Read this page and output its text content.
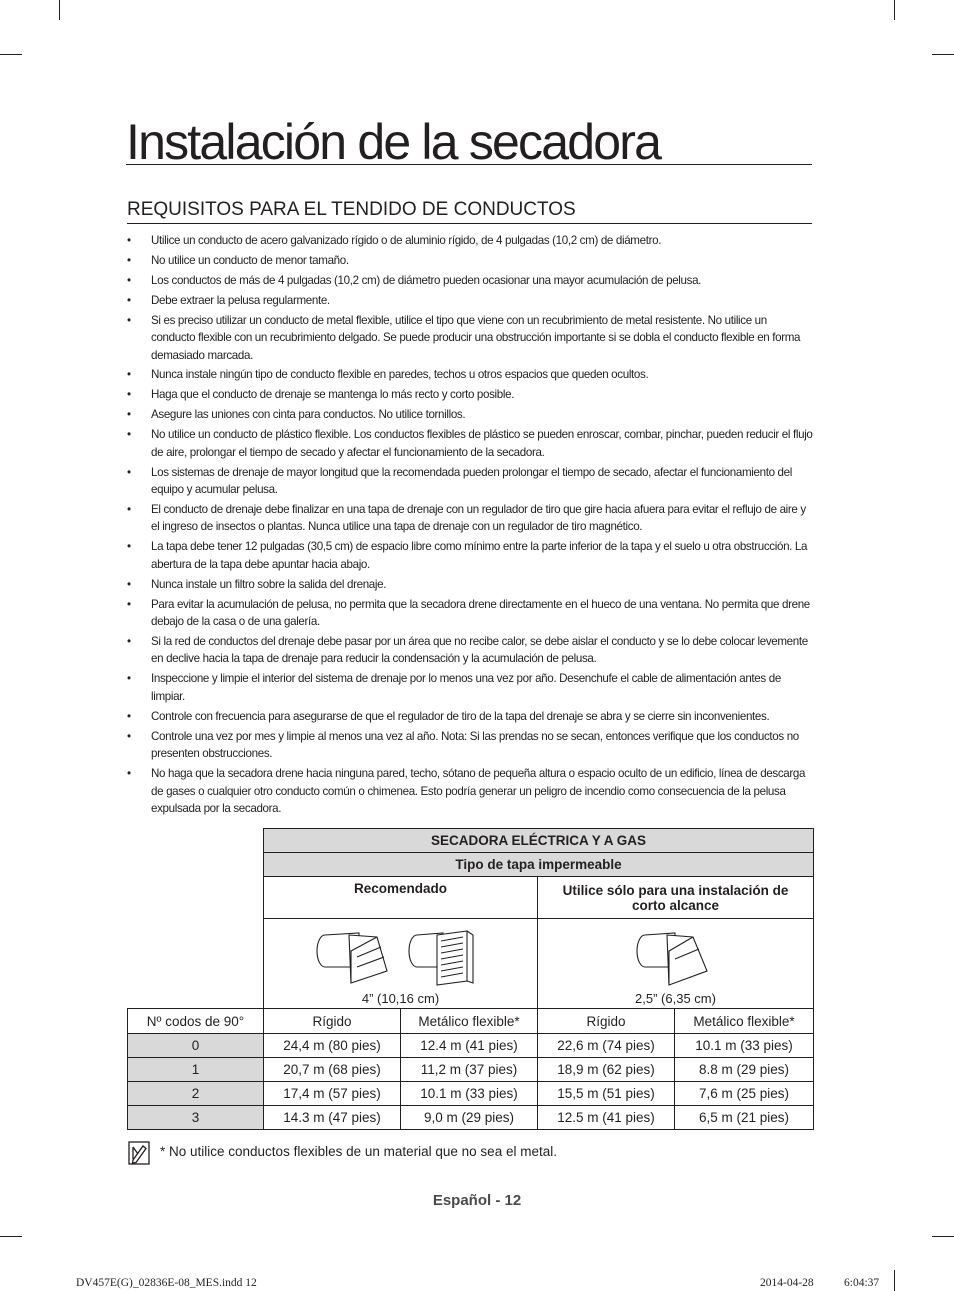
Instalación de la secadora
REQUISITOS PARA EL TENDIDO DE CONDUCTOS
• Utilice un conducto de acero galvanizado rígido o de aluminio rígido, de 4 pulgadas (10,2 cm) de diámetro.
• No utilice un conducto de menor tamaño.
• Los conductos de más de 4 pulgadas (10,2 cm) de diámetro pueden ocasionar una mayor acumulación de pelusa.
• Debe extraer la pelusa regularmente.
• Si es preciso utilizar un conducto de metal flexible, utilice el tipo que viene con un recubrimiento de metal resistente. No utilice un conducto flexible con un recubrimiento delgado. Se puede producir una obstrucción importante si se dobla el conducto flexible en forma demasiado marcada.
• Nunca instale ningún tipo de conducto flexible en paredes, techos u otros espacios que queden ocultos.
• Haga que el conducto de drenaje se mantenga lo más recto y corto posible.
• Asegure las uniones con cinta para conductos. No utilice tornillos.
• No utilice un conducto de plástico flexible. Los conductos flexibles de plástico se pueden enroscar, combar, pinchar, pueden reducir el flujo de aire, prolongar el tiempo de secado y afectar el funcionamiento de la secadora.
• Los sistemas de drenaje de mayor longitud que la recomendada pueden prolongar el tiempo de secado, afectar el funcionamiento del equipo y acumular pelusa.
• El conducto de drenaje debe finalizar en una tapa de drenaje con un regulador de tiro que gire hacia afuera para evitar el reflujo de aire y el ingreso de insectos o plantas. Nunca utilice una tapa de drenaje con un regulador de tiro magnético.
• La tapa debe tener 12 pulgadas (30,5 cm) de espacio libre como mínimo entre la parte inferior de la tapa y el suelo u otra obstrucción. La abertura de la tapa debe apuntar hacia abajo.
• Nunca instale un filtro sobre la salida del drenaje.
• Para evitar la acumulación de pelusa, no permita que la secadora drene directamente en el hueco de una ventana. No permita que drene debajo de la casa o de una galería.
• Si la red de conductos del drenaje debe pasar por un área que no recibe calor, se debe aislar el conducto y se lo debe colocar levemente en declive hacia la tapa de drenaje para reducir la condensación y la acumulación de pelusa.
• Inspeccione y limpie el interior del sistema de drenaje por lo menos una vez por año. Desenchufe el cable de alimentación antes de limpiar.
• Controle con frecuencia para asegurarse de que el regulador de tiro de la tapa del drenaje se abra y se cierre sin inconvenientes.
• Controle una vez por mes y limpie al menos una vez al año. Nota: Si las prendas no se secan, entonces verifique que los conductos no presenten obstrucciones.
• No haga que la secadora drene hacia ninguna pared, techo, sótano de pequeña altura o espacio oculto de un edificio, línea de descarga de gases o cualquier otro conducto común o chimenea. Esto podría generar un peligro de incendio como consecuencia de la pelusa expulsada por la secadora.
	SECADORA ELÉCTRICA Y A GAS			
	Tipo de tapa impermeable			
	Recomendado		Utilice sólo para una instalación de corto alcance	

	4” (10,16 cm)		2,5” (6,35 cm)	

Nº codos de 90°	Rígido	Metálico flexible*	Rígido	Metálico flexible*
0	24,4 m (80 pies)	12.4 m (41 pies)	22,6 m (74 pies)	10.1 m (33 pies)
1	20,7 m (68 pies)	11,2 m (37 pies)	18,9 m (62 pies)	8.8 m (29 pies)
2	17,4 m (57 pies)	10.1 m (33 pies)	15,5 m (51 pies)	7,6 m (25 pies)
3	14.3 m (47 pies)	9,0 m (29 pies)	12.5 m (41 pies)	6,5 m (21 pies)
* No utilice conductos flexibles de un material que no sea el metal.
Español - 12
DV457E(G)_02836E-08_MES.indd 12	2014-04-28	6:04:37
